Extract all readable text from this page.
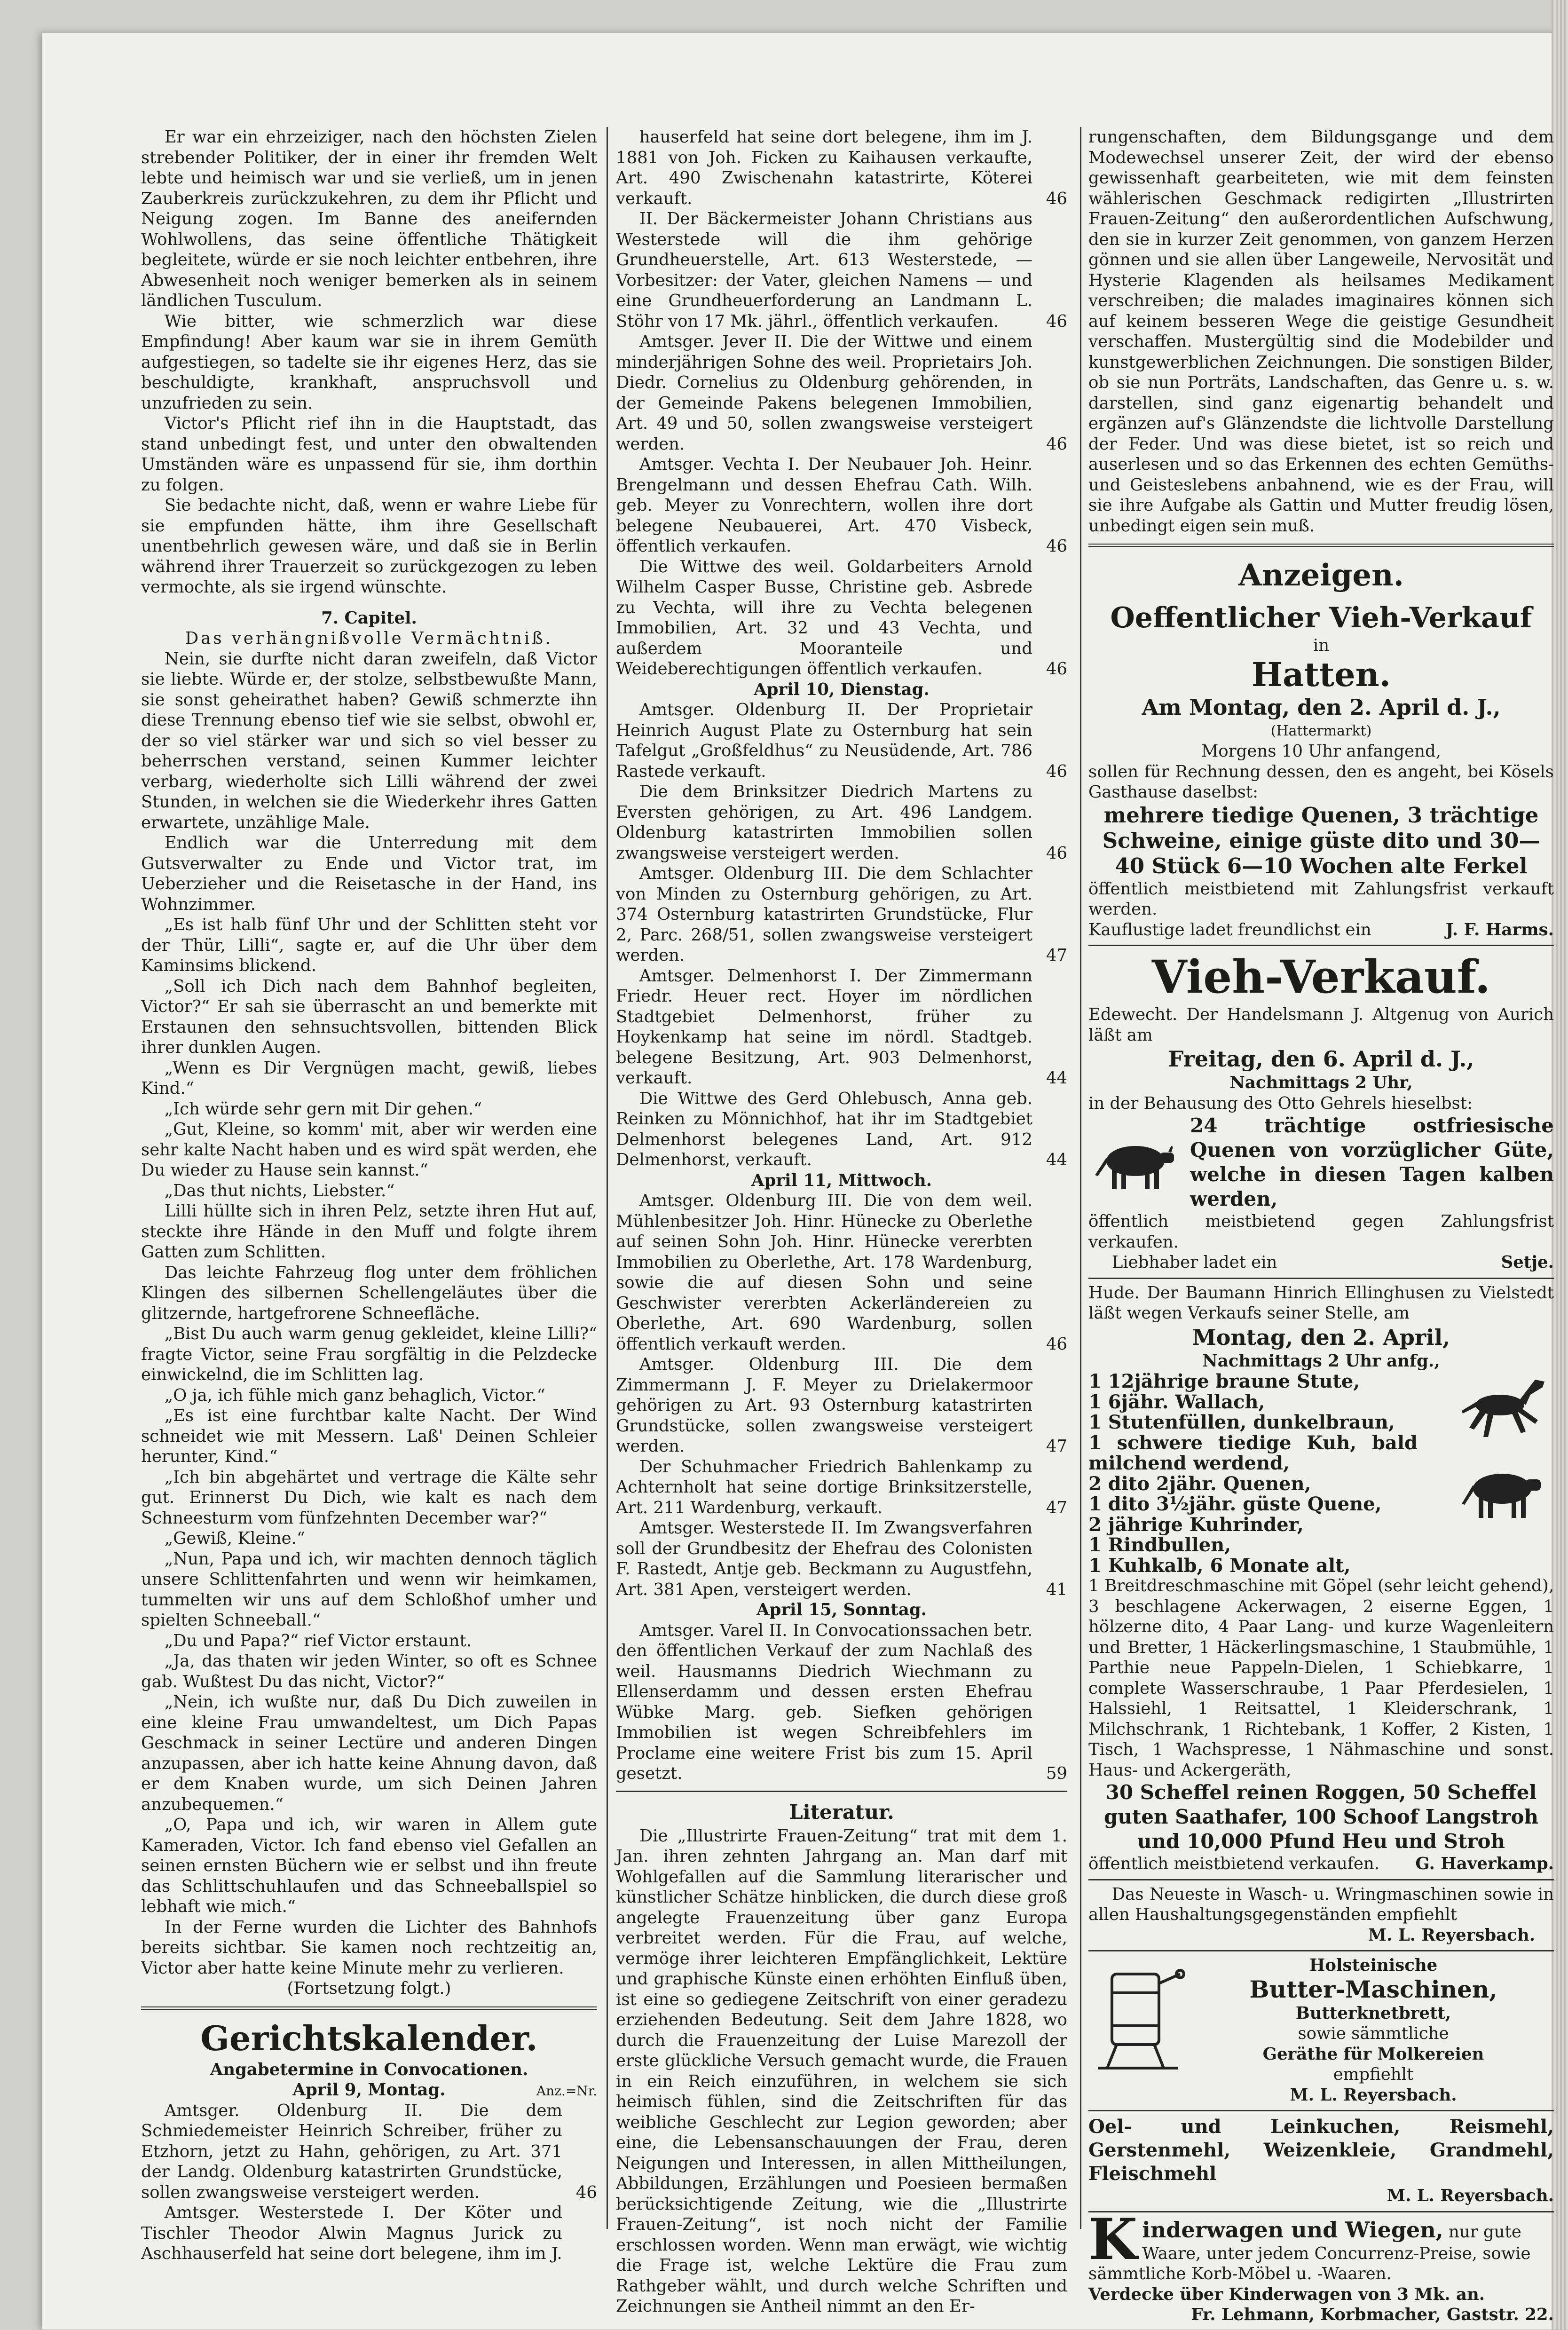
Er war ein ehrzeiziger, nach den höchsten Zielen strebender Politiker, der in einer ihr fremden Welt lebte und heimisch war und sie verließ, um in jenen Zauberkreis zurückzukehren, zu dem ihr Pflicht und Neigung zogen. Im Banne des aneifernden Wohlwollens, das seine öffentliche Thätigkeit begleitete, würde er sie noch leichter entbehren, ihre Abwesenheit noch weniger bemerken als in seinem ländlichen Tusculum.

Wie bitter, wie schmerzlich war diese Empfindung! Aber kaum war sie in ihrem Gemüth aufgestiegen, so tadelte sie ihr eigenes Herz, das sie beschuldigte, krankhaft, anspruchsvoll und unzufrieden zu sein.

Victor's Pflicht rief ihn in die Hauptstadt, das stand unbedingt fest, und unter den obwaltenden Umständen wäre es unpassend für sie, ihm dorthin zu folgen.

Sie bedachte nicht, daß, wenn er wahre Liebe für sie empfunden hätte, ihm ihre Gesellschaft unentbehrlich gewesen wäre, und daß sie in Berlin während ihrer Trauerzeit so zurückgezogen zu leben vermochte, als sie irgend wünschte.

7. Capitel.

Das verhängnißvolle Vermächtniß.

Nein, sie durfte nicht daran zweifeln, daß Victor sie liebte. Würde er, der stolze, selbstbewußte Mann, sie sonst geheirathet haben? Gewiß schmerzte ihn diese Trennung ebenso tief wie sie selbst, obwohl er, der so viel stärker war und sich so viel besser zu beherrschen verstand, seinen Kummer leichter verbarg, wiederholte sich Lilli während der zwei Stunden, in welchen sie die Wiederkehr ihres Gatten erwartete, unzählige Male.

Endlich war die Unterredung mit dem Gutsverwalter zu Ende und Victor trat, im Ueberzieher und die Reisetasche in der Hand, ins Wohnzimmer.

„Es ist halb fünf Uhr und der Schlitten steht vor der Thür, Lilli“, sagte er, auf die Uhr über dem Kaminsims blickend.

„Soll ich Dich nach dem Bahnhof begleiten, Victor?“ Er sah sie überrascht an und bemerkte mit Erstaunen den sehnsuchtsvollen, bittenden Blick ihrer dunklen Augen.

„Wenn es Dir Vergnügen macht, gewiß, liebes Kind.“

„Ich würde sehr gern mit Dir gehen.“

„Gut, Kleine, so komm' mit, aber wir werden eine sehr kalte Nacht haben und es wird spät werden, ehe Du wieder zu Hause sein kannst.“

„Das thut nichts, Liebster.“

Lilli hüllte sich in ihren Pelz, setzte ihren Hut auf, steckte ihre Hände in den Muff und folgte ihrem Gatten zum Schlitten.

Das leichte Fahrzeug flog unter dem fröhlichen Klingen des silbernen Schellengeläutes über die glitzernde, hartgefrorene Schneefläche.

„Bist Du auch warm genug gekleidet, kleine Lilli?“ fragte Victor, seine Frau sorgfältig in die Pelzdecke einwickelnd, die im Schlitten lag.

„O ja, ich fühle mich ganz behaglich, Victor.“

„Es ist eine furchtbar kalte Nacht. Der Wind schneidet wie mit Messern. Laß' Deinen Schleier herunter, Kind.“

„Ich bin abgehärtet und vertrage die Kälte sehr gut. Erinnerst Du Dich, wie kalt es nach dem Schneesturm vom fünfzehnten December war?“

„Gewiß, Kleine.“

„Nun, Papa und ich, wir machten dennoch täglich unsere Schlittenfahrten und wenn wir heimkamen, tummelten wir uns auf dem Schloßhof umher und spielten Schneeball.“

„Du und Papa?“ rief Victor erstaunt.

„Ja, das thaten wir jeden Winter, so oft es Schnee gab. Wußtest Du das nicht, Victor?“

„Nein, ich wußte nur, daß Du Dich zuweilen in eine kleine Frau umwandeltest, um Dich Papas Geschmack in seiner Lectüre und anderen Dingen anzupassen, aber ich hatte keine Ahnung davon, daß er dem Knaben wurde, um sich Deinen Jahren anzubequemen.“

„O, Papa und ich, wir waren in Allem gute Kameraden, Victor. Ich fand ebenso viel Gefallen an seinen ernsten Büchern wie er selbst und ihn freute das Schlittschuhlaufen und das Schneeballspiel so lebhaft wie mich.“

In der Ferne wurden die Lichter des Bahnhofs bereits sichtbar. Sie kamen noch rechtzeitig an, Victor aber hatte keine Minute mehr zu verlieren.

(Fortsetzung folgt.)

Gerichtskalender.

Angabetermine in Convocationen.

April 9, Montag.	Anz.=Nr.

Amtsger. Oldenburg II. Die dem Schmiedemeister Heinrich Schreiber, früher zu Etzhorn, jetzt zu Hahn, gehörigen, zu Art. 371 der Landg. Oldenburg katastrirten Grundstücke, sollen zwangsweise versteigert werden.	46

Amtsger. Westerstede I. Der Köter und Tischler Theodor Alwin Magnus Jurick zu Aschhauserfeld hat seine dort belegene, ihm im J.

hauserfeld hat seine dort belegene, ihm im J. 1881 von Joh. Ficken zu Kaihausen verkaufte, Art. 490 Zwischenahn katastrirte, Köterei verkauft.	46

II. Der Bäckermeister Johann Christians aus Westerstede will die ihm gehörige Grundheuerstelle, Art. 613 Westerstede, — Vorbesitzer: der Vater, gleichen Namens — und eine Grundheuerforderung an Landmann L. Stöhr von 17 Mk. jährl., öffentlich verkaufen.	46

Amtsger. Jever II. Die der Wittwe und einem minderjährigen Sohne des weil. Proprietairs Joh. Diedr. Cornelius zu Oldenburg gehörenden, in der Gemeinde Pakens belegenen Immobilien, Art. 49 und 50, sollen zwangsweise versteigert werden.	46

Amtsger. Vechta I. Der Neubauer Joh. Heinr. Brengelmann und dessen Ehefrau Cath. Wilh. geb. Meyer zu Vonrechtern, wollen ihre dort belegene Neubauerei, Art. 470 Visbeck, öffentlich verkaufen.	46

Die Wittwe des weil. Goldarbeiters Arnold Wilhelm Casper Busse, Christine geb. Asbrede zu Vechta, will ihre zu Vechta belegenen Immobilien, Art. 32 und 43 Vechta, und außerdem Mooranteile und Weideberechtigungen öffentlich verkaufen.	46

April 10, Dienstag.

Amtsger. Oldenburg II. Der Proprietair Heinrich August Plate zu Osternburg hat sein Tafelgut „Großfeldhus“ zu Neusüdende, Art. 786 Rastede verkauft.	46

Die dem Brinksitzer Diedrich Martens zu Eversten gehörigen, zu Art. 496 Landgem. Oldenburg katastrirten Immobilien sollen zwangsweise versteigert werden.	46

Amtsger. Oldenburg III. Die dem Schlachter von Minden zu Osternburg gehörigen, zu Art. 374 Osternburg katastrirten Grundstücke, Flur 2, Parc. 268/51, sollen zwangsweise versteigert werden.	47

Amtsger. Delmenhorst I. Der Zimmermann Friedr. Heuer rect. Hoyer im nördlichen Stadtgebiet Delmenhorst, früher zu Hoykenkamp hat seine im nördl. Stadtgeb. belegene Besitzung, Art. 903 Delmenhorst, verkauft.	44

Die Wittwe des Gerd Ohlebusch, Anna geb. Reinken zu Mönnichhof, hat ihr im Stadtgebiet Delmenhorst belegenes Land, Art. 912 Delmenhorst, verkauft.	44

April 11, Mittwoch.

Amtsger. Oldenburg III. Die von dem weil. Mühlenbesitzer Joh. Hinr. Hünecke zu Oberlethe auf seinen Sohn Joh. Hinr. Hünecke vererbten Immobilien zu Oberlethe, Art. 178 Wardenburg, sowie die auf diesen Sohn und seine Geschwister vererbten Ackerländereien zu Oberlethe, Art. 690 Wardenburg, sollen öffentlich verkauft werden.	46

Amtsger. Oldenburg III. Die dem Zimmermann J. F. Meyer zu Drielakermoor gehörigen zu Art. 93 Osternburg katastrirten Grundstücke, sollen zwangsweise versteigert werden.	47

Der Schuhmacher Friedrich Bahlenkamp zu Achternholt hat seine dortige Brinksitzerstelle, Art. 211 Wardenburg, verkauft.	47

Amtsger. Westerstede II. Im Zwangsverfahren soll der Grundbesitz der Ehefrau des Colonisten F. Rastedt, Antje geb. Beckmann zu Augustfehn, Art. 381 Apen, versteigert werden.	41

April 15, Sonntag.

Amtsger. Varel II. In Convocationssachen betr. den öffentlichen Verkauf der zum Nachlaß des weil. Hausmanns Diedrich Wiechmann zu Ellenserdamm und dessen ersten Ehefrau Wübke Marg. geb. Siefken gehörigen Immobilien ist wegen Schreibfehlers im Proclame eine weitere Frist bis zum 15. April gesetzt.	59

Literatur.

Die „Illustrirte Frauen-Zeitung“ trat mit dem 1. Jan. ihren zehnten Jahrgang an. Man darf mit Wohlgefallen auf die Sammlung literarischer und künstlicher Schätze hinblicken, die durch diese groß angelegte Frauenzeitung über ganz Europa verbreitet werden. Für die Frau, auf welche, vermöge ihrer leichteren Empfänglichkeit, Lektüre und graphische Künste einen erhöhten Einfluß üben, ist eine so gediegene Zeitschrift von einer geradezu erziehenden Bedeutung. Seit dem Jahre 1828, wo durch die Frauenzeitung der Luise Marezoll der erste glückliche Versuch gemacht wurde, die Frauen in ein Reich einzuführen, in welchem sie sich heimisch fühlen, sind die Zeitschriften für das weibliche Geschlecht zur Legion geworden; aber eine, die Lebensanschauungen der Frau, deren Neigungen und Interessen, in allen Mittheilungen, Abbildungen, Erzählungen und Poesieen bermaßen berücksichtigende Zeitung, wie die „Illustrirte Frauen-Zeitung“, ist noch nicht der Familie erschlossen worden. Wenn man erwägt, wie wichtig die Frage ist, welche Lektüre die Frau zum Rathgeber wählt, und durch welche Schriften und Zeichnungen sie Antheil nimmt an den Er-

rungenschaften, dem Bildungsgange und dem Modewechsel unserer Zeit, der wird der ebenso gewissenhaft gearbeiteten, wie mit dem feinsten wählerischen Geschmack redigirten „Illustrirten Frauen-Zeitung“ den außerordentlichen Aufschwung, den sie in kurzer Zeit genommen, von ganzem Herzen gönnen und sie allen über Langeweile, Nervosität und Hysterie Klagenden als heilsames Medikament verschreiben; die malades imaginaires können sich auf keinem besseren Wege die geistige Gesundheit verschaffen. Mustergültig sind die Modebilder und kunstgewerblichen Zeichnungen. Die sonstigen Bilder, ob sie nun Porträts, Landschaften, das Genre u. s. w. darstellen, sind ganz eigenartig behandelt und ergänzen auf's Glänzendste die lichtvolle Darstellung der Feder. Und was diese bietet, ist so reich und auserlesen und so das Erkennen des echten Gemüths- und Geisteslebens anbahnend, wie es der Frau, will sie ihre Aufgabe als Gattin und Mutter freudig lösen, unbedingt eigen sein muß.

Anzeigen.
Oeffentlicher Vieh-Verkauf

in

Hatten.

Am Montag, den 2. April d. J.,

(Hattermarkt)

Morgens 10 Uhr anfangend,

sollen für Rechnung dessen, den es angeht, bei Kösels Gasthause daselbst:

mehrere tiedige Quenen, 3 trächtige Schweine, einige güste dito und 30—40 Stück 6—10 Wochen alte Ferkel

öffentlich meistbietend mit Zahlungsfrist verkauft werden.

Kauflustige ladet freundlichst ein	J. F. Harms.
Vieh-Verkauf.

Edewecht. Der Handelsmann J. Altgenug von Aurich läßt am

Freitag, den 6. April d. J.,

Nachmittags 2 Uhr,

in der Behausung des Otto Gehrels hieselbst:

24 trächtige ostfriesische Quenen von vorzüglicher Güte, welche in diesen Tagen kalben werden,

öffentlich meistbietend gegen Zahlungsfrist verkaufen.

Liebhaber ladet ein	Setje.

Hude. Der Baumann Hinrich Ellinghusen zu Vielstedt läßt wegen Verkaufs seiner Stelle, am

Montag, den 2. April,

Nachmittags 2 Uhr anfg.,

1 12jährige braune Stute,

1 6jähr. Wallach,

1 Stutenfüllen, dunkelbraun,

1 schwere tiedige Kuh, bald milchend werdend,

2 dito 2jähr. Quenen,

1 dito 3½jähr. güste Quene,

2 jährige Kuhrinder,

1 Rindbullen,

1 Kuhkalb, 6 Monate alt,

1 Breitdreschmaschine mit Göpel (sehr leicht gehend), 3 beschlagene Ackerwagen, 2 eiserne Eggen, 1 hölzerne dito, 4 Paar Lang- und kurze Wagenleitern und Bretter, 1 Häckerlingsmaschine, 1 Staubmühle, 1 Parthie neue Pappeln-Dielen, 1 Schiebkarre, 1 complete Wasserschraube, 1 Paar Pferdesielen, 1 Halssiehl, 1 Reitsattel, 1 Kleiderschrank, 1 Milchschrank, 1 Richtebank, 1 Koffer, 2 Kisten, 1 Tisch, 1 Wachspresse, 1 Nähmaschine und sonst. Haus- und Ackergeräth,

30 Scheffel reinen Roggen, 50 Scheffel guten Saathafer, 100 Schoof Langstroh und 10,000 Pfund Heu und Stroh

öffentlich meistbietend verkaufen. G. Haverkamp.

Das Neueste in Wasch- u. Wringmaschinen sowie in allen Haushaltungsgegenständen empfiehlt

M. L. Reyersbach.

Holsteinische

Butter-Maschinen,

Butterknetbrett,

sowie sämmtliche

Geräthe für Molkereien

empfiehlt

M. L. Reyersbach.

Oel- und Leinkuchen, Reismehl, Gerstenmehl, Weizenkleie, Grandmehl, Fleischmehl

M. L. Reyersbach.

K inderwagen und Wiegen, nur gute Waare, unter jedem Concurrenz-Preise, sowie sämmtliche Korb-Möbel u. -Waaren.

Verdecke über Kinderwagen von 3 Mk. an.

Fr. Lehmann, Korbmacher, Gaststr. 22.
